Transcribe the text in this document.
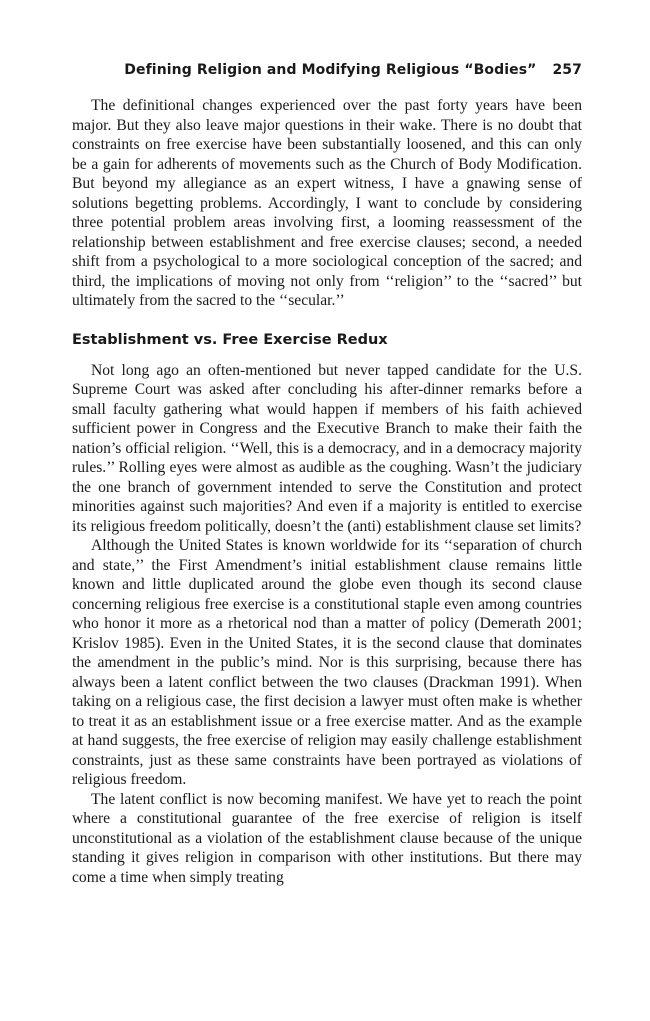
Defining Religion and Modifying Religious “Bodies” 257

The definitional changes experienced over the past forty years have been major. But they also leave major questions in their wake. There is no doubt that constraints on free exercise have been substantially loosened, and this can only be a gain for adherents of movements such as the Church of Body Modification. But beyond my allegiance as an expert witness, I have a gnawing sense of solutions begetting problems. Accordingly, I want to conclude by considering three potential problem areas involving first, a looming reassessment of the relationship between establishment and free exercise clauses; second, a needed shift from a psychological to a more sociological conception of the sacred; and third, the implications of moving not only from ‘‘religion’’ to the ‘‘sacred’’ but ultimately from the sacred to the ‘‘secular.’’

Establishment vs. Free Exercise Redux

Not long ago an often-mentioned but never tapped candidate for the U.S. Supreme Court was asked after concluding his after-dinner remarks before a small faculty gathering what would happen if members of his faith achieved sufficient power in Congress and the Executive Branch to make their faith the nation’s official religion. ‘‘Well, this is a democracy, and in a democracy majority rules.’’ Rolling eyes were almost as audible as the coughing. Wasn’t the judiciary the one branch of government intended to serve the Constitution and protect minorities against such majorities? And even if a majority is entitled to exercise its religious freedom politically, doesn’t the (anti) establishment clause set limits?

Although the United States is known worldwide for its ‘‘separation of church and state,’’ the First Amendment’s initial establishment clause remains little known and little duplicated around the globe even though its second clause concerning religious free exercise is a constitutional staple even among countries who honor it more as a rhetorical nod than a matter of policy (Demerath 2001; Krislov 1985). Even in the United States, it is the second clause that dominates the amendment in the public’s mind. Nor is this surprising, because there has always been a latent conflict between the two clauses (Drackman 1991). When taking on a religious case, the first decision a lawyer must often make is whether to treat it as an establishment issue or a free exercise matter. And as the example at hand suggests, the free exercise of religion may easily challenge establishment constraints, just as these same constraints have been portrayed as violations of religious freedom.

The latent conflict is now becoming manifest. We have yet to reach the point where a constitutional guarantee of the free exercise of religion is itself unconstitutional as a violation of the establishment clause because of the unique standing it gives religion in comparison with other institutions. But there may come a time when simply treating
